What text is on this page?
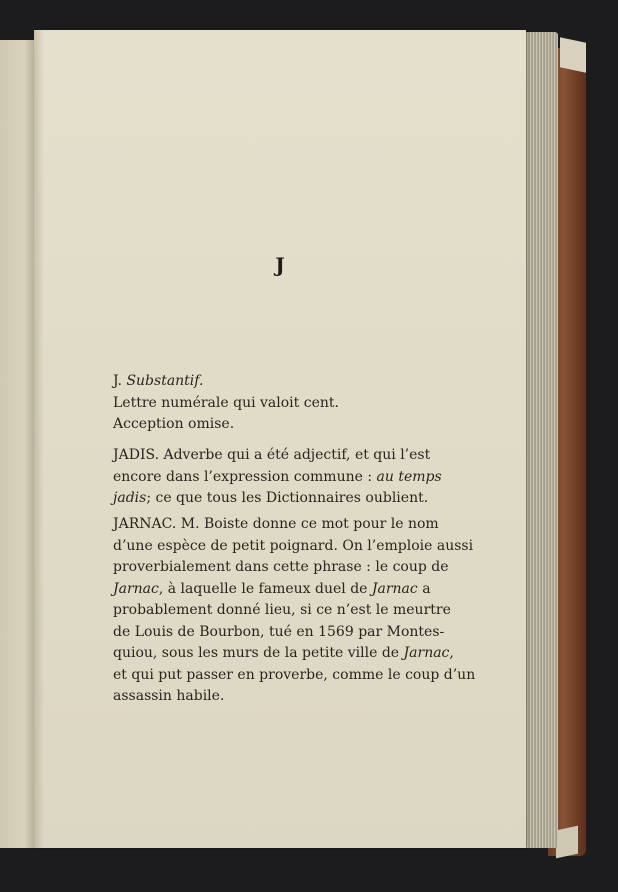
J
J. Substantif.
Lettre numérale qui valoit cent.
Acception omise.
JADIS. Adverbe qui a été adjectif, et qui l’est
encore dans l’expression commune : au temps
jadis; ce que tous les Dictionnaires oublient.
JARNAC. M. Boiste donne ce mot pour le nom
d’une espèce de petit poignard. On l’emploie aussi
proverbialement dans cette phrase : le coup de
Jarnac, à laquelle le fameux duel de Jarnac a
probablement donné lieu, si ce n’est le meurtre
de Louis de Bourbon, tué en 1569 par Montes-
quiou, sous les murs de la petite ville de Jarnac,
et qui put passer en proverbe, comme le coup d’un
assassin habile.
